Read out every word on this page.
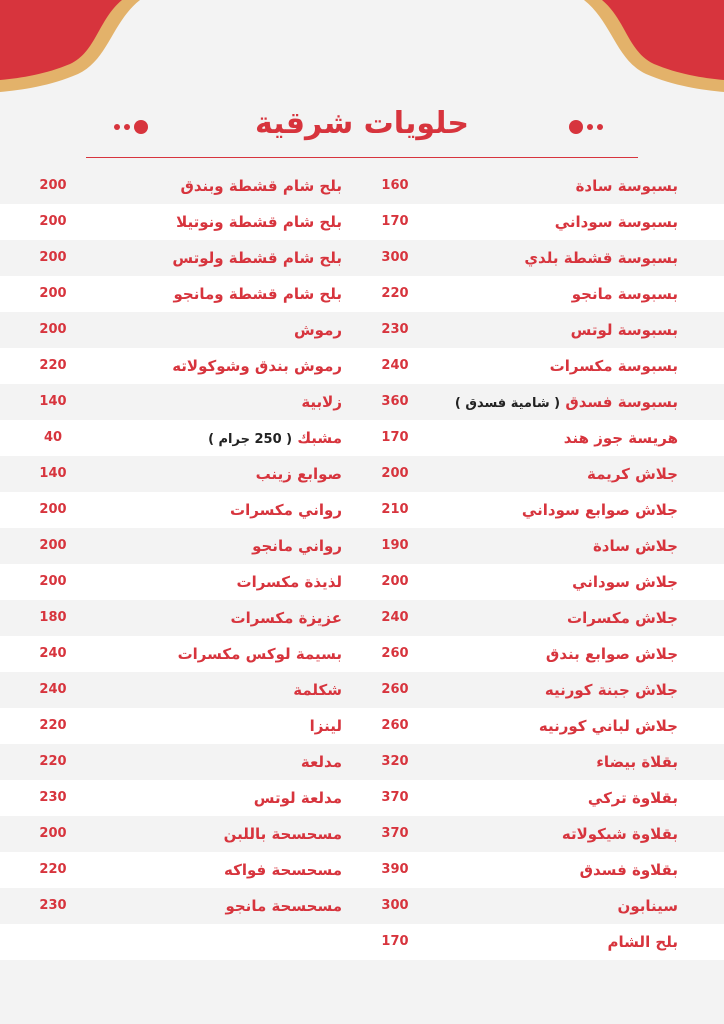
حلويات شرقية
بسبوسة سادة
160
بلح شام قشطة وبندق
200
بسبوسة سوداني
170
بلح شام قشطة ونوتيلا
200
بسبوسة قشطة بلدي
300
بلح شام قشطة ولوتس
200
بسبوسة مانجو
220
بلح شام قشطة ومانجو
200
بسبوسة لوتس
230
رموش
200
بسبوسة مكسرات
240
رموش بندق وشوكولاته
220
بسبوسة فسدق ( شامية فسدق )
360
زلابية
140
هريسة جوز هند
170
مشبك ( 250 جرام )
40
جلاش كريمة
200
صوابع زينب
140
جلاش صوابع سوداني
210
رواني مكسرات
200
جلاش سادة
190
رواني مانجو
200
جلاش سوداني
200
لذيذة مكسرات
200
جلاش مكسرات
240
عزيزة مكسرات
180
جلاش صوابع بندق
260
بسيمة لوكس مكسرات
240
جلاش جبنة كورنيه
260
شكلمة
240
جلاش لباني كورنيه
260
لينزا
220
بقلاة بيضاء
320
مدلعة
220
بقلاوة تركي
370
مدلعة لوتس
230
بقلاوة شيكولاته
370
مسحسحة باللبن
200
بقلاوة فسدق
390
مسحسحة فواكه
220
سينابون
300
مسحسحة مانجو
230
بلح الشام
170
